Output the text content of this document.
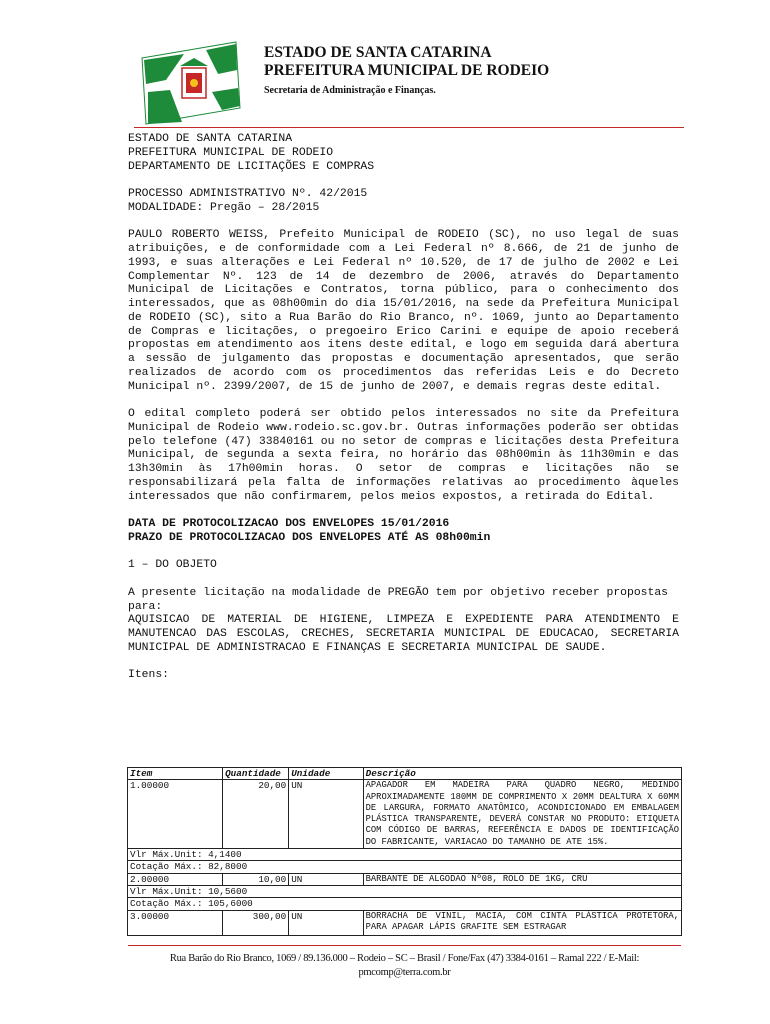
ESTADO DE SANTA CATARINA
PREFEITURA MUNICIPAL DE RODEIO
Secretaria de Administração e Finanças.

ESTADO DE SANTA CATARINA

PREFEITURA MUNICIPAL DE RODEIO

DEPARTAMENTO DE LICITAÇÕES E COMPRAS

PROCESSO ADMINISTRATIVO Nº. 42/2015

MODALIDADE: Pregão – 28/2015

PAULO ROBERTO WEISS, Prefeito Municipal de RODEIO (SC), no uso legal de suas atribuições, e de conformidade com a Lei Federal nº 8.666, de 21 de junho de 1993, e suas alterações e Lei Federal nº 10.520, de 17 de julho de 2002 e Lei Complementar Nº. 123 de 14 de dezembro de 2006, através do Departamento Municipal de Licitações e Contratos, torna público, para o conhecimento dos interessados, que as 08h00min do dia 15/01/2016, na sede da Prefeitura Municipal de RODEIO (SC), sito a Rua Barão do Rio Branco, nº. 1069, junto ao Departamento de Compras e licitações, o pregoeiro Erico Carini e equipe de apoio receberá propostas em atendimento aos itens deste edital, e logo em seguida dará abertura a sessão de julgamento das propostas e documentação apresentados, que serão realizados de acordo com os procedimentos das referidas Leis e do Decreto Municipal nº. 2399/2007, de 15 de junho de 2007, e demais regras deste edital.

O edital completo poderá ser obtido pelos interessados no site da Prefeitura Municipal de Rodeio www.rodeio.sc.gov.br. Outras informações poderão ser obtidas pelo telefone (47) 33840161 ou no setor de compras e licitações desta Prefeitura Municipal, de segunda a sexta feira, no horário das 08h00min às 11h30min e das 13h30min às 17h00min horas. O setor de compras e licitações não se responsabilizará pela falta de informações relativas ao procedimento àqueles interessados que não confirmarem, pelos meios expostos, a retirada do Edital.

DATA DE PROTOCOLIZACAO DOS ENVELOPES 15/01/2016

PRAZO DE PROTOCOLIZACAO DOS ENVELOPES ATÉ AS 08h00min

1 – DO OBJETO

A presente licitação na modalidade de PREGÃO tem por objetivo receber propostas para:

AQUISICAO DE MATERIAL DE HIGIENE, LIMPEZA E EXPEDIENTE PARA ATENDIMENTO E MANUTENCAO DAS ESCOLAS, CRECHES, SECRETARIA MUNICIPAL DE EDUCACAO, SECRETARIA MUNICIPAL DE ADMINISTRACAO E FINANÇAS E SECRETARIA MUNICIPAL DE SAUDE.

Itens:

Item	Quantidade	Unidade	Descrição
1.00000	20,00	UN	APAGADOR EM MADEIRA PARA QUADRO NEGRO, MEDINDO APROXIMADAMENTE 180MM DE COMPRIMENTO X 20MM DEALTURA X 60MM DE LARGURA, FORMATO ANATÔMICO, ACONDICIONADO EM EMBALAGEM PLÁSTICA TRANSPARENTE, DEVERÁ CONSTAR NO PRODUTO: ETIQUETA COM CÓDIGO DE BARRAS, REFERÊNCIA E DADOS DE IDENTIFICAÇÃO DO FABRICANTE, VARIACAO DO TAMANHO DE ATE 15%.
Vlr Máx.Unit: 4,1400			
Cotação Máx.: 82,8000			
2.00000	10,00	UN	BARBANTE DE ALGODAO Nº08, ROLO DE 1KG, CRU
Vlr Máx.Unit: 10,5600			
Cotação Máx.: 105,6000			
3.00000	300,00	UN	BORRACHA DE VINIL, MACIA, COM CINTA PLÁSTICA PROTETORA, PARA APAGAR LÁPIS GRAFITE SEM ESTRAGAR
Rua Barão do Rio Branco, 1069 / 89.136.000 – Rodeio – SC – Brasil / Fone/Fax (47) 3384-0161 – Ramal 222 / E-Mail:
pmcomp@terra.com.br
